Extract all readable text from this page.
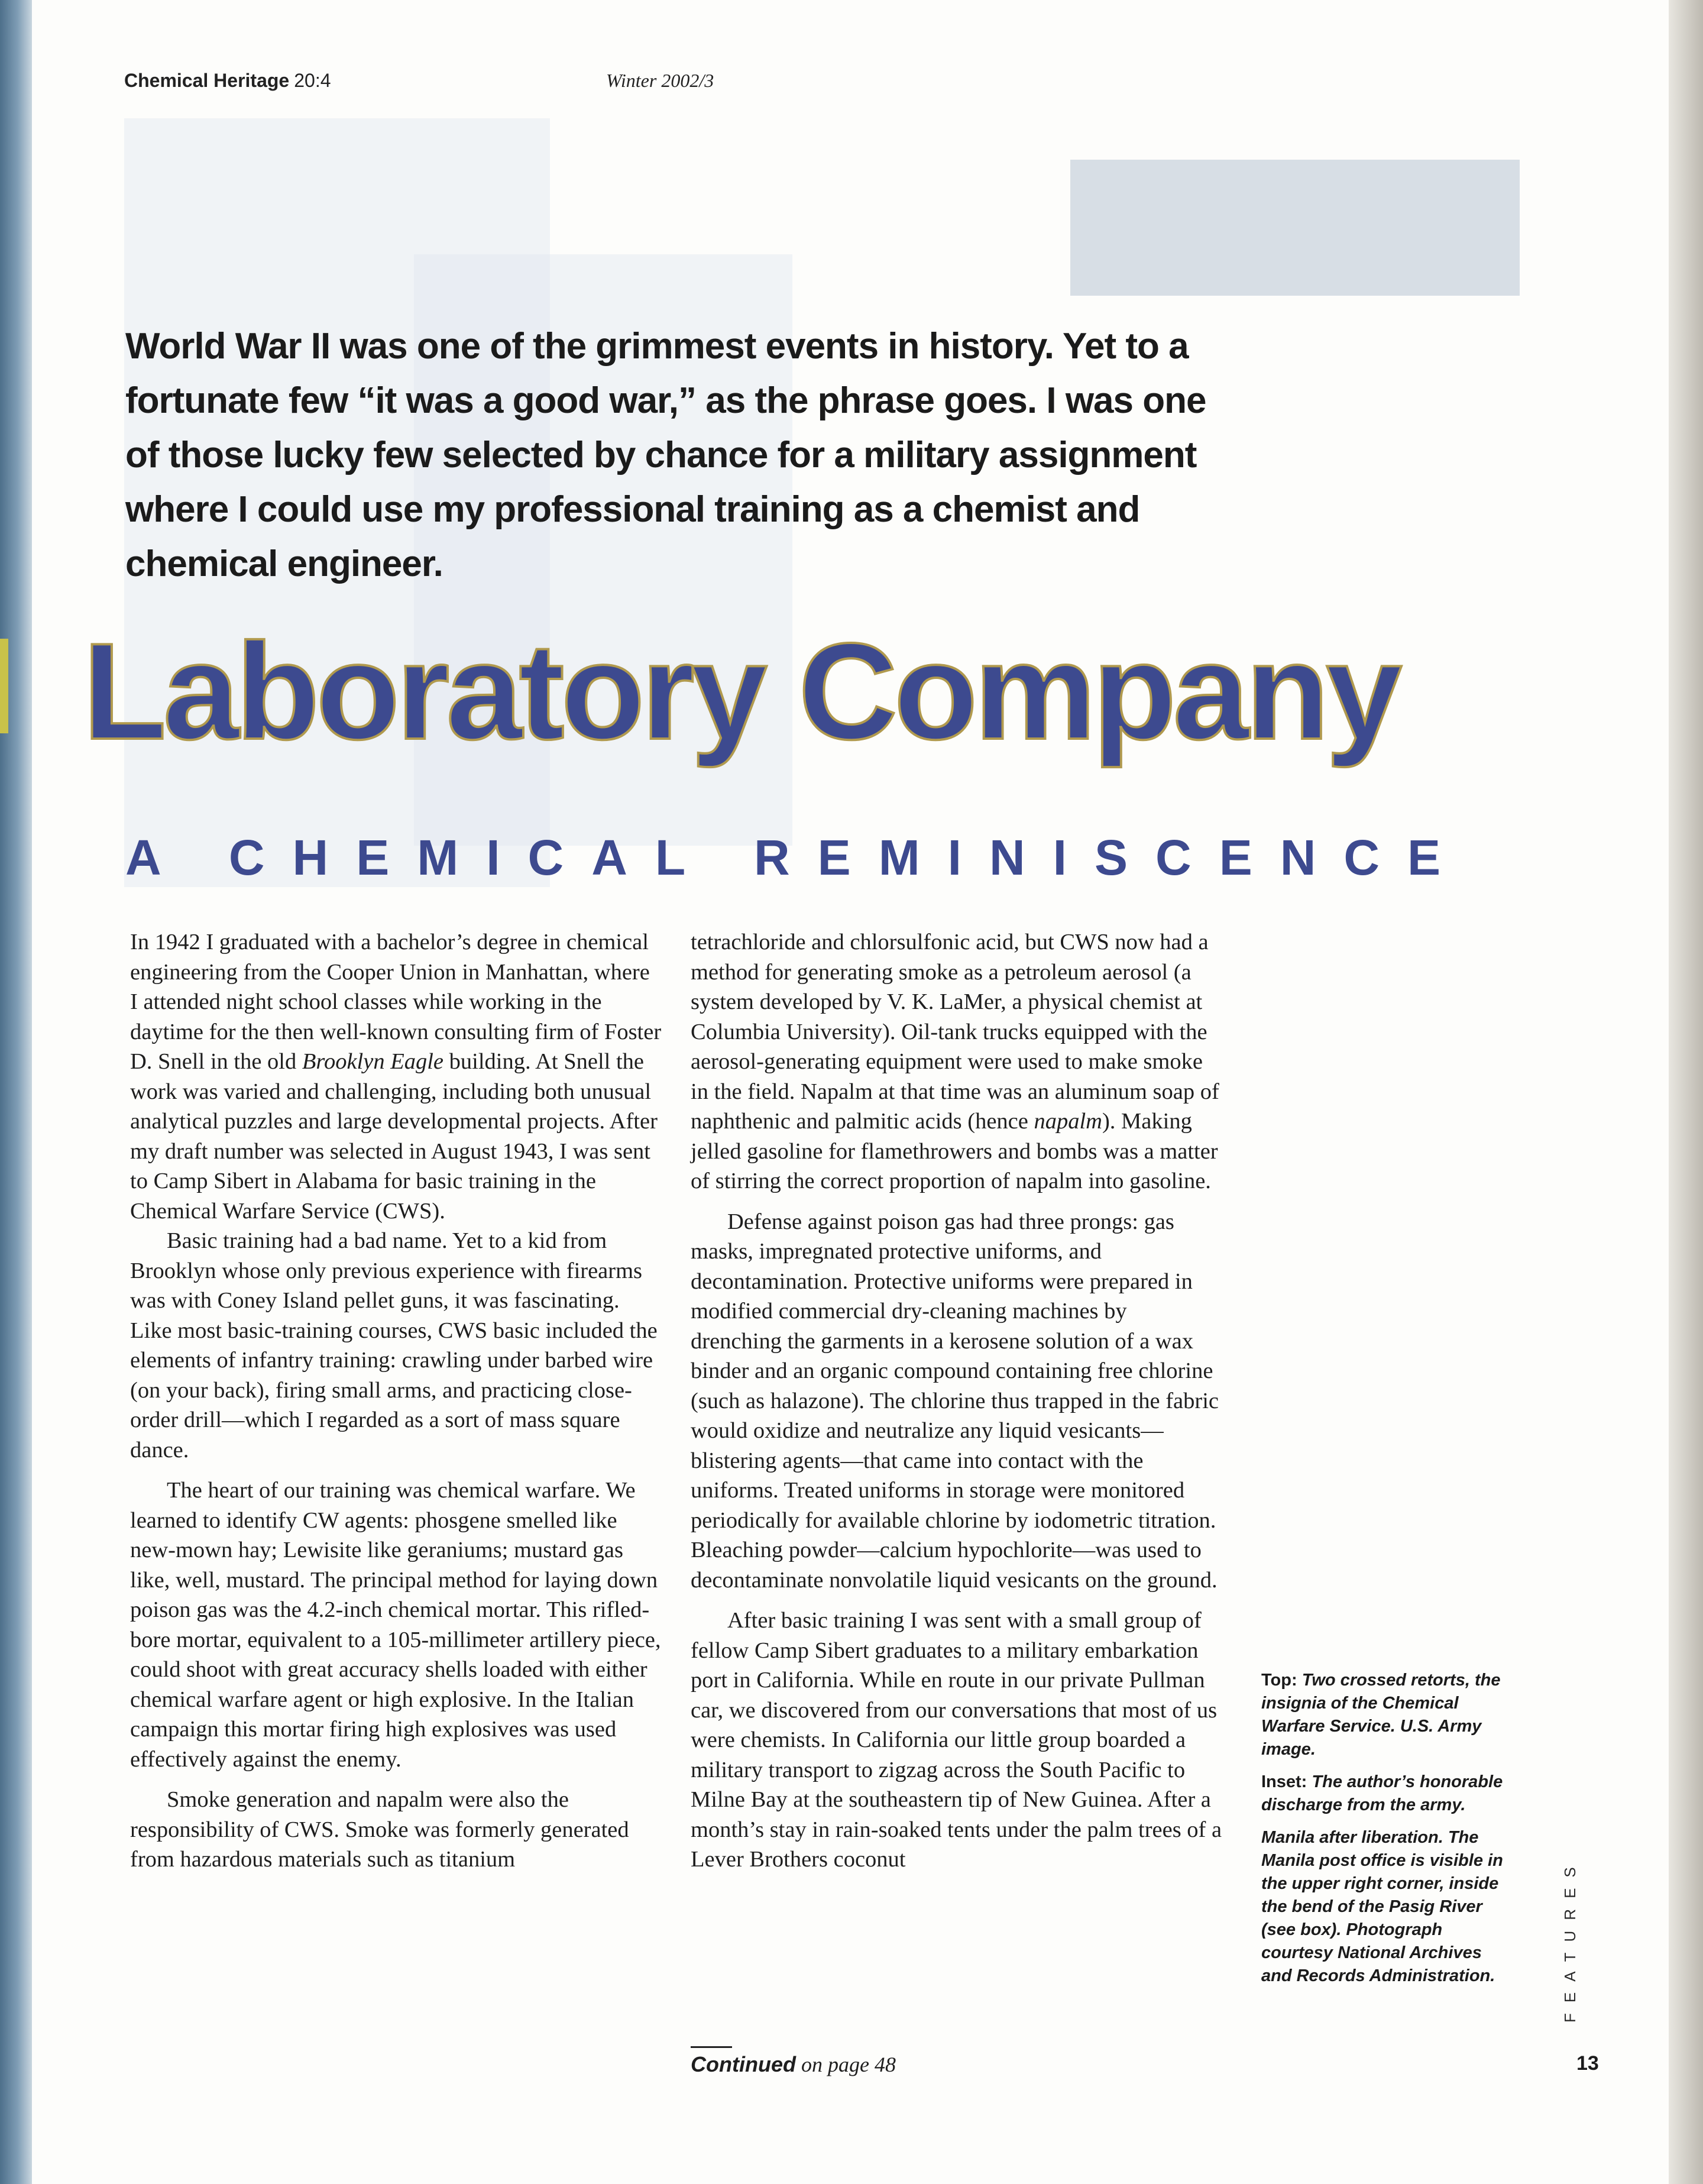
Chemical Heritage 20:4	Winter 2002/3
World War II was one of the grimmest events in history. Yet to a fortunate few “it was a good war,” as the phrase goes. I was one of those lucky few selected by chance for a military assignment where I could use my professional training as a chemist and chemical engineer.
Laboratory Company
A CHEMICAL REMINISCENCE

In 1942 I graduated with a bachelor’s degree in chemical engineering from the Cooper Union in Manhattan, where I attended night school classes while working in the daytime for the then well-known consulting firm of Foster D. Snell in the old Brooklyn Eagle building. At Snell the work was varied and challenging, including both unusual analytical puzzles and large developmental projects. After my draft number was selected in August 1943, I was sent to Camp Sibert in Alabama for basic training in the Chemical Warfare Service (CWS).

Basic training had a bad name. Yet to a kid from Brooklyn whose only previous experience with firearms was with Coney Island pellet guns, it was fascinating. Like most basic-training courses, CWS basic included the elements of infantry training: crawling under barbed wire (on your back), firing small arms, and practicing close-order drill—which I regarded as a sort of mass square dance.

The heart of our training was chemical warfare. We learned to identify CW agents: phosgene smelled like new-mown hay; Lewisite like geraniums; mustard gas like, well, mustard. The principal method for laying down poison gas was the 4.2-inch chemical mortar. This rifled-bore mortar, equivalent to a 105-millimeter artillery piece, could shoot with great accuracy shells loaded with either chemical warfare agent or high explosive. In the Italian campaign this mortar firing high explosives was used effectively against the enemy.

Smoke generation and napalm were also the responsibility of CWS. Smoke was formerly generated from hazardous materials such as titanium

tetrachloride and chlorsulfonic acid, but CWS now had a method for generating smoke as a petroleum aerosol (a system developed by V. K. LaMer, a physical chemist at Columbia University). Oil-tank trucks equipped with the aerosol-generating equipment were used to make smoke in the field. Napalm at that time was an aluminum soap of naphthenic and palmitic acids (hence napalm). Making jelled gasoline for flamethrowers and bombs was a matter of stirring the correct proportion of napalm into gasoline.

Defense against poison gas had three prongs: gas masks, impregnated protective uniforms, and decontamination. Protective uniforms were prepared in modified commercial dry-cleaning machines by drenching the garments in a kerosene solution of a wax binder and an organic compound containing free chlorine (such as halazone). The chlorine thus trapped in the fabric would oxidize and neutralize any liquid vesicants—blistering agents—that came into contact with the uniforms. Treated uniforms in storage were monitored periodically for available chlorine by iodometric titration. Bleaching powder—calcium hypochlorite—was used to decontaminate nonvolatile liquid vesicants on the ground.

After basic training I was sent with a small group of fellow Camp Sibert graduates to a military embarkation port in California. While en route in our private Pullman car, we discovered from our conversations that most of us were chemists. In California our little group boarded a military transport to zigzag across the South Pacific to Milne Bay at the southeastern tip of New Guinea. After a month’s stay in rain-soaked tents under the palm trees of a Lever Brothers coconut

Continued on page 48

Top: Two crossed retorts, the insignia of the Chemical Warfare Service. U.S. Army image.

Inset: The author’s honorable discharge from the army.

Manila after liberation. The Manila post office is visible in the upper right corner, inside the bend of the Pasig River (see box). Photograph courtesy National Archives and Records Administration.	FEATURES
13
